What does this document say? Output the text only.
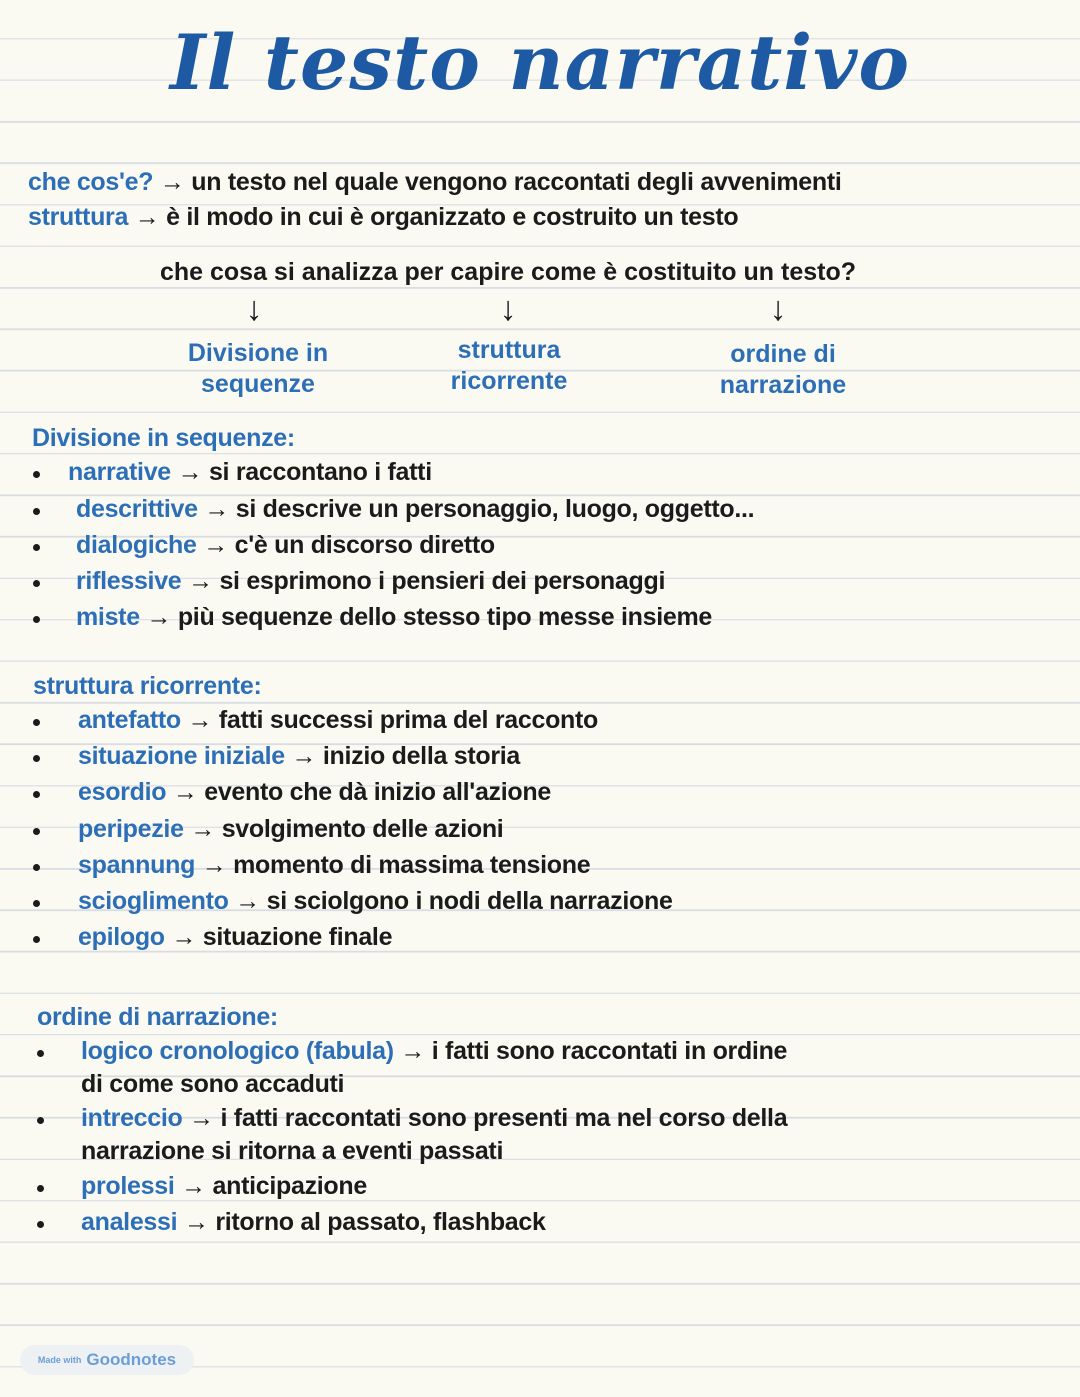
Il testo narrativo
che cos'e? → un testo nel quale vengono raccontati degli avvenimenti
struttura → è il modo in cui è organizzato e costruito un testo
che cosa si analizza per capire come è costituito un testo?
↓	↓	↓
Divisione in
sequenze
struttura
ricorrente
ordine di
narrazione
Divisione in sequenze:
narrative → si raccontano i fatti
descrittive → si descrive un personaggio, luogo, oggetto...
dialogiche → c'è un discorso diretto
riflessive → si esprimono i pensieri dei personaggi
miste → più sequenze dello stesso tipo messe insieme
struttura ricorrente:
antefatto → fatti successi prima del racconto
situazione iniziale → inizio della storia
esordio → evento che dà inizio all'azione
peripezie → svolgimento delle azioni
spannung → momento di massima tensione
scioglimento → si sciolgono i nodi della narrazione
epilogo → situazione finale
ordine di narrazione:
logico cronologico (fabula) → i fatti sono raccontati in ordine
di come sono accaduti
intreccio → i fatti raccontati sono presenti ma nel corso della
narrazione si ritorna a eventi passati
prolessi → anticipazione
analessi → ritorno al passato, flashback
Made with Goodnotes
